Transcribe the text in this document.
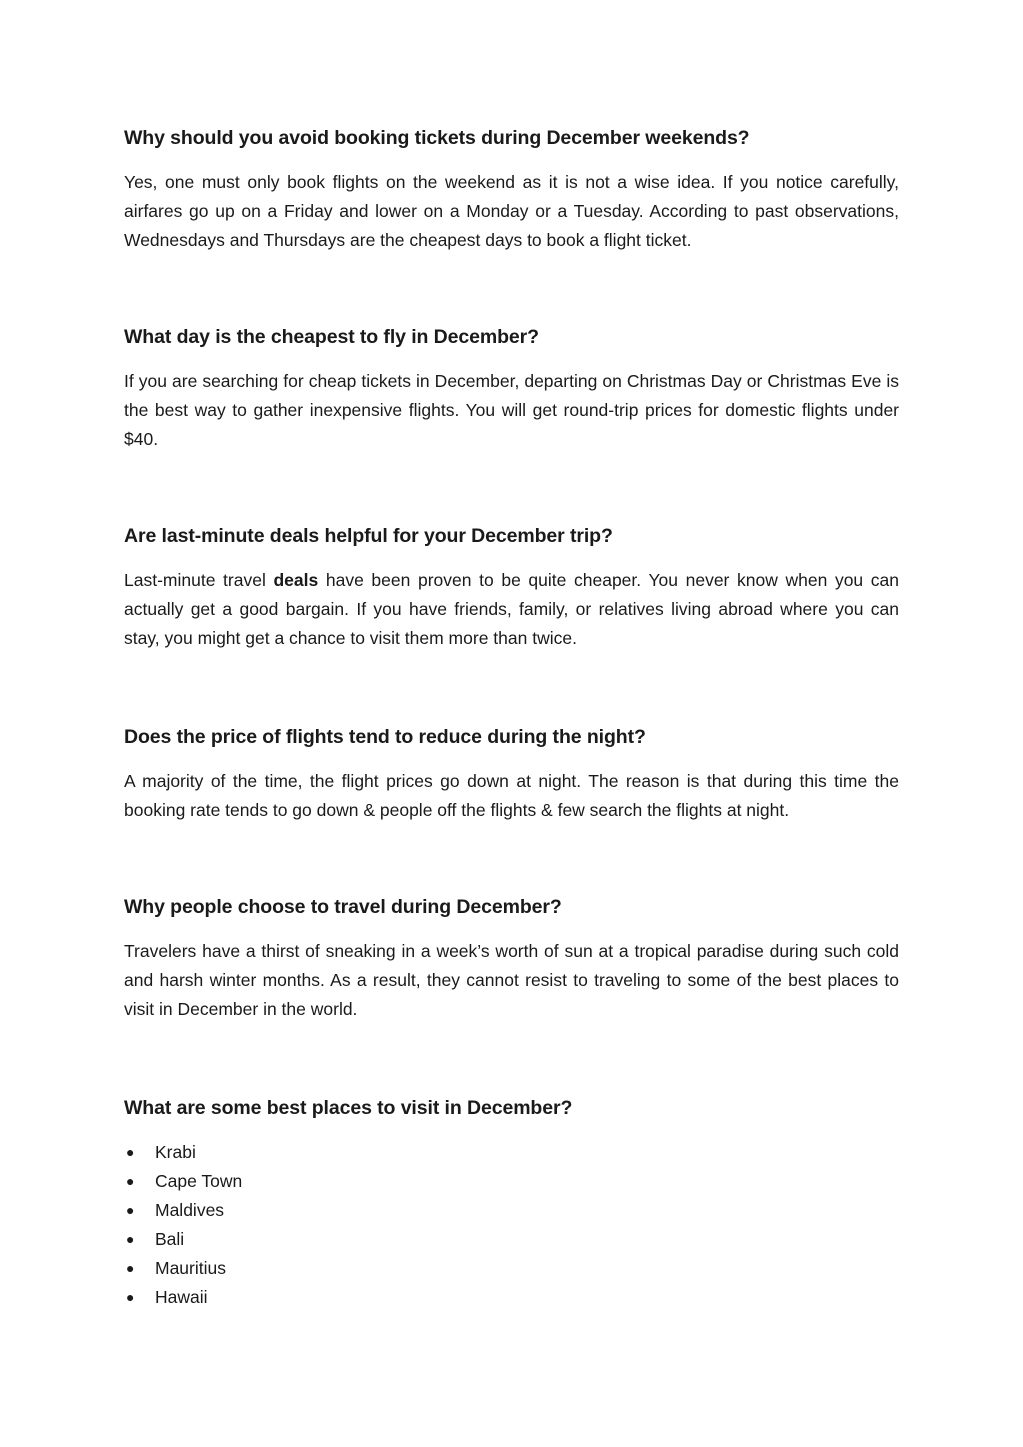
Why should you avoid booking tickets during December weekends?

Yes, one must only book flights on the weekend as it is not a wise idea. If you notice carefully, airfares go up on a Friday and lower on a Monday or a Tuesday. According to past observations, Wednesdays and Thursdays are the cheapest days to book a flight ticket.

What day is the cheapest to fly in December?

If you are searching for cheap tickets in December, departing on Christmas Day or Christmas Eve is the best way to gather inexpensive flights. You will get round-trip prices for domestic flights under $40.

Are last-minute deals helpful for your December trip?

Last-minute travel deals have been proven to be quite cheaper. You never know when you can actually get a good bargain. If you have friends, family, or relatives living abroad where you can stay, you might get a chance to visit them more than twice.

Does the price of flights tend to reduce during the night?

A majority of the time, the flight prices go down at night. The reason is that during this time the booking rate tends to go down & people off the flights & few search the flights at night.

Why people choose to travel during December?

Travelers have a thirst of sneaking in a week’s worth of sun at a tropical paradise during such cold and harsh winter months. As a result, they cannot resist to traveling to some of the best places to visit in December in the world.

What are some best places to visit in December?
● Krabi
● Cape Town
● Maldives
● Bali
● Mauritius
● Hawaii
